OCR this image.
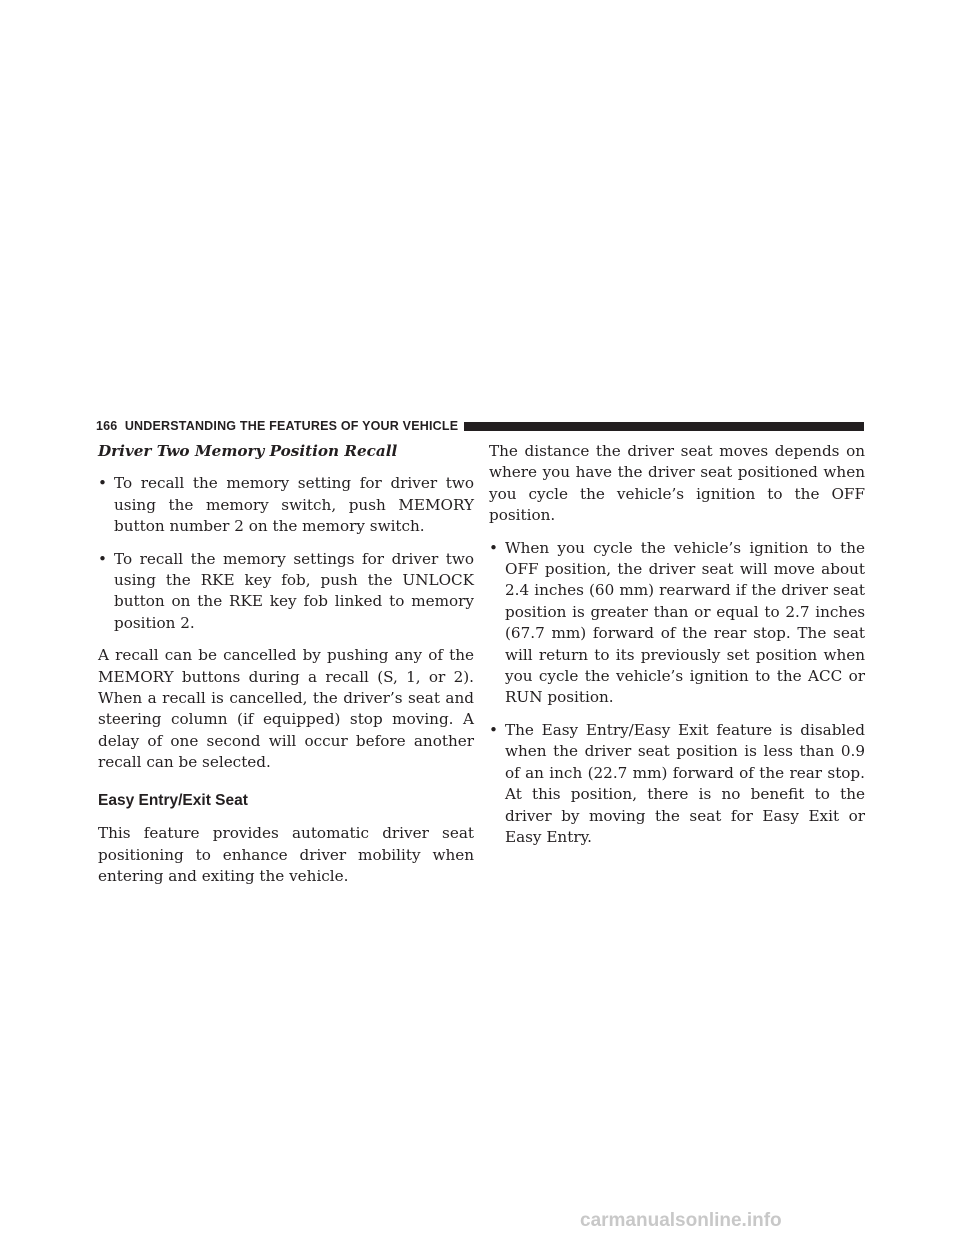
166 UNDERSTANDING THE FEATURES OF YOUR VEHICLE

Driver Two Memory Position Recall

• To recall the memory setting for driver two using the memory switch, push MEMORY button number 2 on the memory switch.
• To recall the memory settings for driver two using the RKE key fob, push the UNLOCK button on the RKE key fob linked to memory position 2.

A recall can be cancelled by pushing any of the MEMORY buttons during a recall (S, 1, or 2). When a recall is cancelled, the driver’s seat and steering column (if equipped) stop moving. A delay of one second will occur before another recall can be selected.

Easy Entry/Exit Seat

This feature provides automatic driver seat positioning to enhance driver mobility when entering and exiting the vehicle.

The distance the driver seat moves depends on where you have the driver seat positioned when you cycle the vehicle’s ignition to the OFF position.

• When you cycle the vehicle’s ignition to the OFF position, the driver seat will move about 2.4 inches (60 mm) rearward if the driver seat position is greater than or equal to 2.7 inches (67.7 mm) forward of the rear stop. The seat will return to its previously set position when you cycle the vehicle’s ignition to the ACC or RUN position.
• The Easy Entry/Easy Exit feature is disabled when the driver seat position is less than 0.9 of an inch (22.7 mm) forward of the rear stop. At this position, there is no benefit to the driver by moving the seat for Easy Exit or Easy Entry.
carmanualsonline.info
